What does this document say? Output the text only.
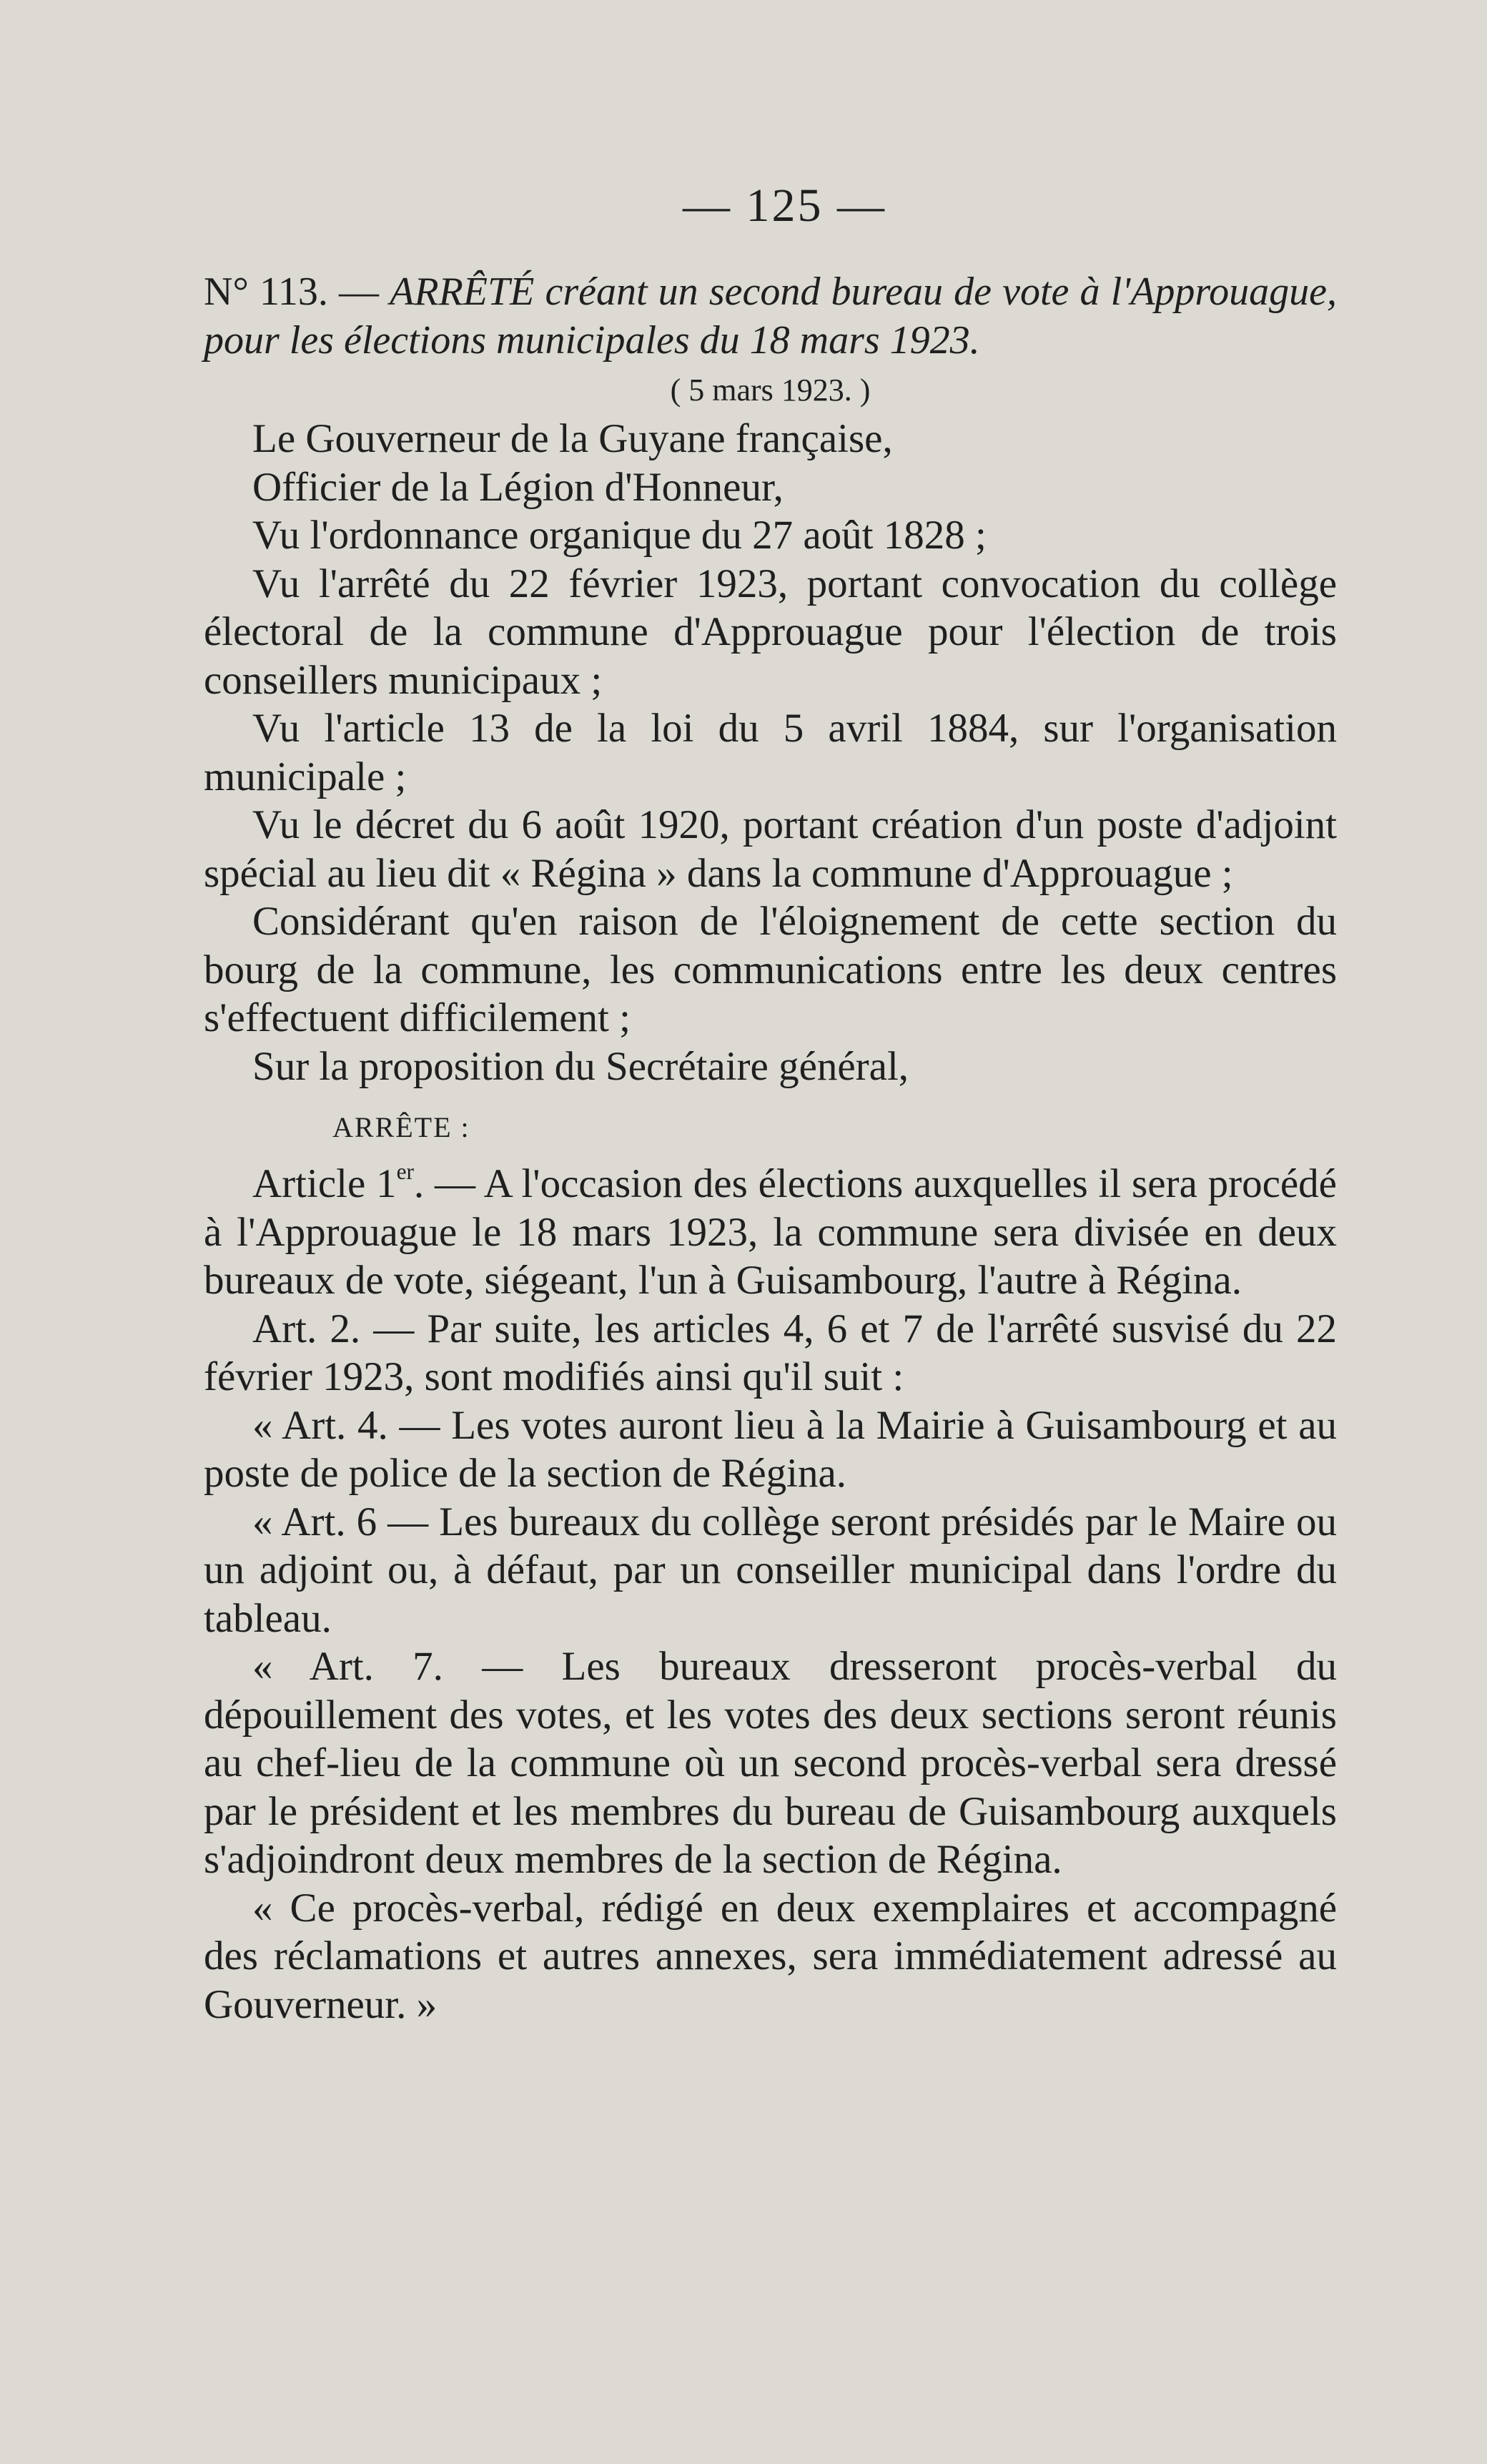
— 125 —
N° 113. — ARRÊTÉ créant un second bureau de vote à l'Approuague, pour les élections municipales du 18 mars 1923.
( 5 mars 1923. )

Le Gouverneur de la Guyane française,

Officier de la Légion d'Honneur,

Vu l'ordonnance organique du 27 août 1828 ;

Vu l'arrêté du 22 février 1923, portant convocation du collège électoral de la commune d'Approuague pour l'élection de trois conseillers municipaux ;

Vu l'article 13 de la loi du 5 avril 1884, sur l'organisation municipale ;

Vu le décret du 6 août 1920, portant création d'un poste d'adjoint spécial au lieu dit « Régina » dans la commune d'Approuague ;

Considérant qu'en raison de l'éloignement de cette section du bourg de la commune, les communications entre les deux centres s'effectuent difficilement ;

Sur la proposition du Secrétaire général,

ARRÊTE :

Article 1er. — A l'occasion des élections auxquelles il sera procédé à l'Approuague le 18 mars 1923, la commune sera divisée en deux bureaux de vote, siégeant, l'un à Guisambourg, l'autre à Régina.

Art. 2. — Par suite, les articles 4, 6 et 7 de l'arrêté susvisé du 22 février 1923, sont modifiés ainsi qu'il suit :

« Art. 4. — Les votes auront lieu à la Mairie à Guisambourg et au poste de police de la section de Régina.

« Art. 6 — Les bureaux du collège seront présidés par le Maire ou un adjoint ou, à défaut, par un conseiller municipal dans l'ordre du tableau.

« Art. 7. — Les bureaux dresseront procès-verbal du dépouillement des votes, et les votes des deux sections seront réunis au chef-lieu de la commune où un second procès-verbal sera dressé par le président et les membres du bureau de Guisambourg auxquels s'adjoindront deux membres de la section de Régina.

« Ce procès-verbal, rédigé en deux exemplaires et accompagné des réclamations et autres annexes, sera immédiatement adressé au Gouverneur. »
